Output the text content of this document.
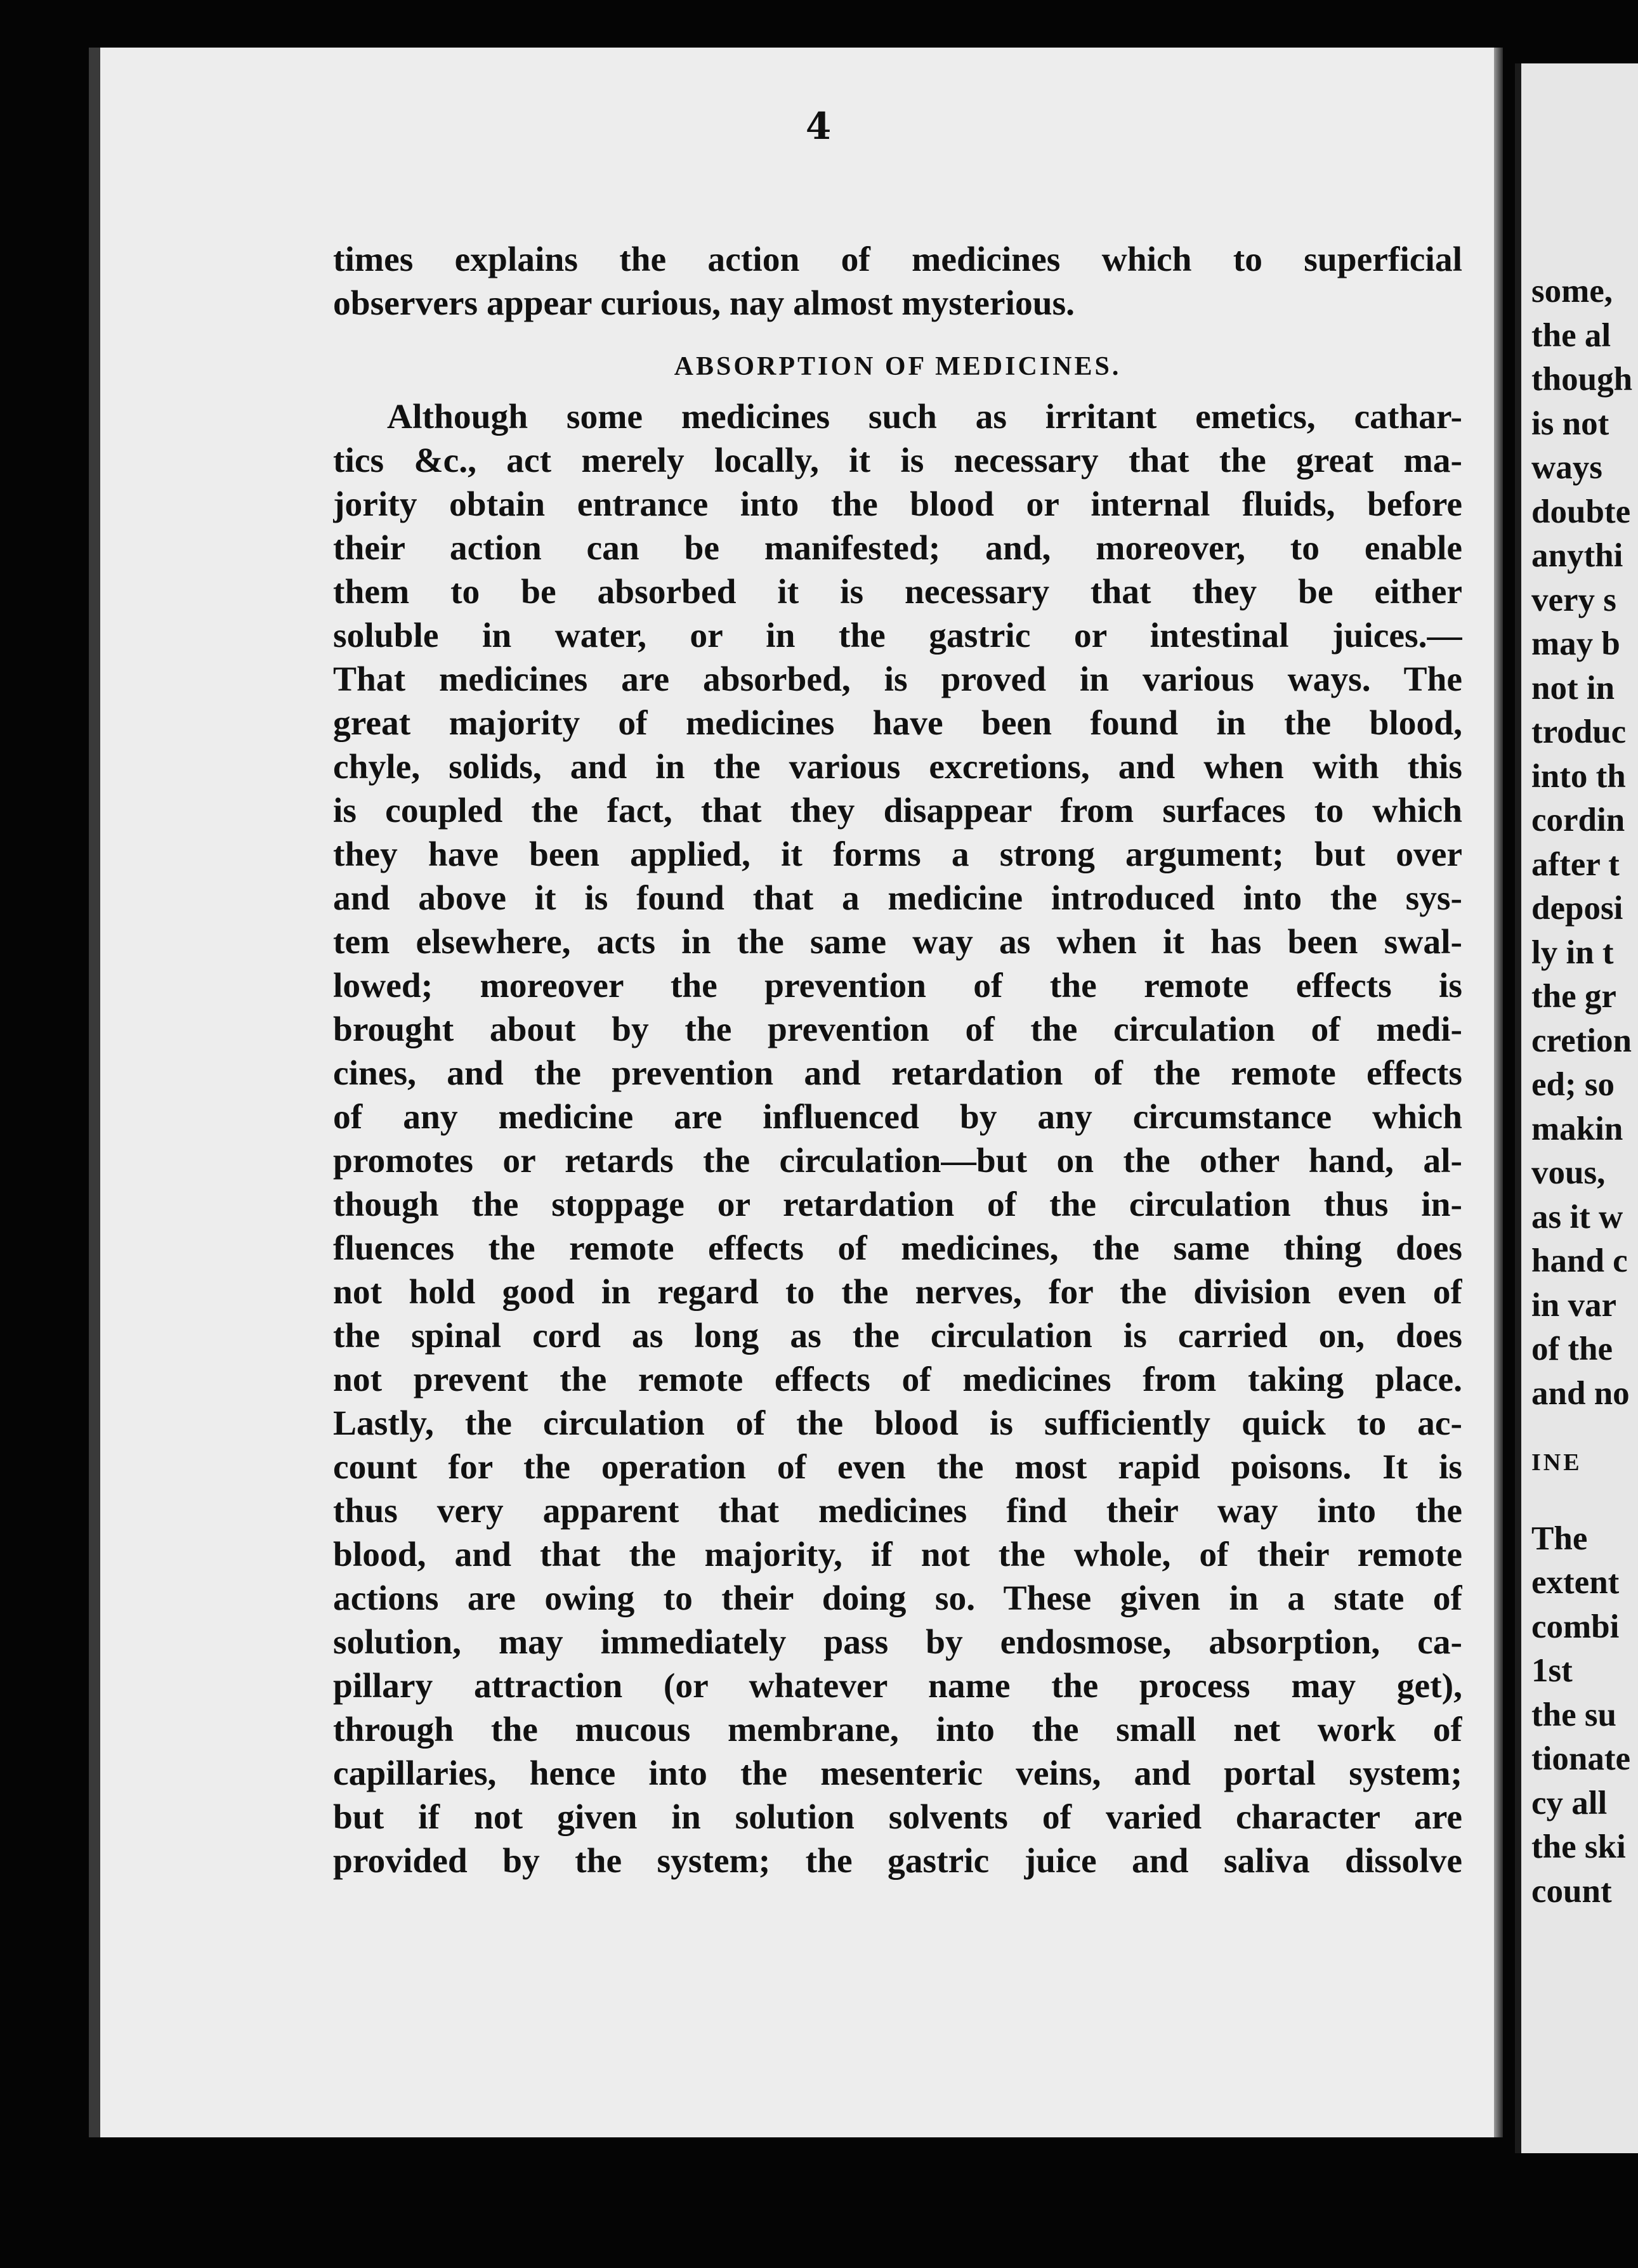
4
times explains the action of medicines which to superficial
observers appear curious, nay almost mysterious.
ABSORPTION OF MEDICINES.
Although some medicines such as irritant emetics, cathar-
tics &c., act merely locally, it is necessary that the great ma-
jority obtain entrance into the blood or internal fluids, before
their action can be manifested; and, moreover, to enable
them to be absorbed it is necessary that they be either
soluble in water, or in the gastric or intestinal juices.—
That medicines are absorbed, is proved in various ways. The
great majority of medicines have been found in the blood,
chyle, solids, and in the various excretions, and when with this
is coupled the fact, that they disappear from surfaces to which
they have been applied, it forms a strong argument; but over
and above it is found that a medicine introduced into the sys-
tem elsewhere, acts in the same way as when it has been swal-
lowed; moreover the prevention of the remote effects is
brought about by the prevention of the circulation of medi-
cines, and the prevention and retardation of the remote effects
of any medicine are influenced by any circumstance which
promotes or retards the circulation—but on the other hand, al-
though the stoppage or retardation of the circulation thus in-
fluences the remote effects of medicines, the same thing does
not hold good in regard to the nerves, for the division even of
the spinal cord as long as the circulation is carried on, does
not prevent the remote effects of medicines from taking place.
Lastly, the circulation of the blood is sufficiently quick to ac-
count for the operation of even the most rapid poisons. It is
thus very apparent that medicines find their way into the
blood, and that the majority, if not the whole, of their remote
actions are owing to their doing so. These given in a state of
solution, may immediately pass by endosmose, absorption, ca-
pillary attraction (or whatever name the process may get),
through the mucous membrane, into the small net work of
capillaries, hence into the mesenteric veins, and portal system;
but if not given in solution solvents of varied character are
provided by the system; the gastric juice and saliva dissolve
some,
the al
though
is not
ways
doubte
anythi
very s
may b
not in
troduc
into th
cordin
after t
deposi
ly in t
the gr
cretion
ed; so
makin
vous,
as it w
hand c
in var
of the
and no
INE
The
extent
combi
1st
the su
tionate
cy all
the ski
count
